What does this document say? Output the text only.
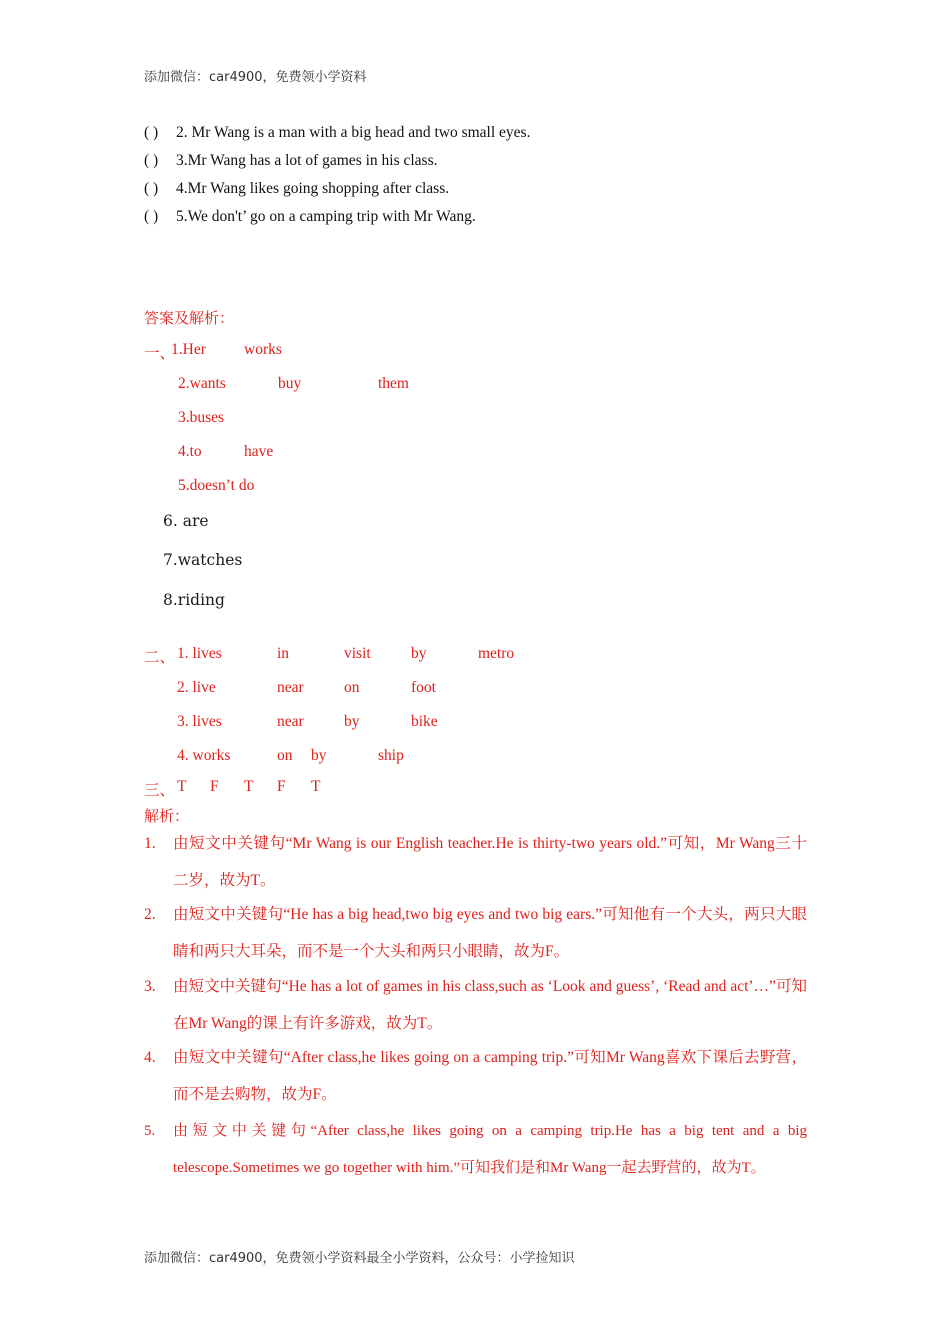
添加微信：car4900，免费领小学资料
( ) 2. Mr Wang is a man with a big head and two small eyes.
( ) 3.Mr Wang has a lot of games in his class.
( ) 4.Mr Wang likes going shopping after class.
( ) 5.We don't’ go on a camping trip with Mr Wang.
答案及解析：
一、
1.Her works
2.wants	buy	them
3.buses
4.to	have
5.doesn’t do
6. are
7.watches
8.riding
二、 1. lives	in	visit	by	metro
2. live	near	on	foot
3. lives	near	by	bike
4. works	on by	ship
三、 T F T F T
解析：
1. 由短文中关键句“Mr Wang is our English teacher.He is thirty-two years old.”可知，Mr Wang三十二岁，故为T。
2. 由短文中关键句“He has a big head,two big eyes and two big ears.”可知他有一个大头，两只大眼睛和两只大耳朵，而不是一个大头和两只小眼睛，故为F。
3. 由短文中关键句“He has a lot of games in his class,such as ‘Look and guess’, ‘Read and act’…”可知在Mr Wang的课上有许多游戏，故为T。
4. 由短文中关键句“After class,he likes going on a camping trip.”可知Mr Wang喜欢下课后去野营，而不是去购物，故为F。
5. 由短文中关键句“After class,he likes going on a camping trip.He has a big tent and a big telescope.Sometimes we go together with him.”可知我们是和Mr Wang一起去野营的，故为T。
添加微信：car4900，免费领小学资料最全小学资料，公众号：小学捡知识
